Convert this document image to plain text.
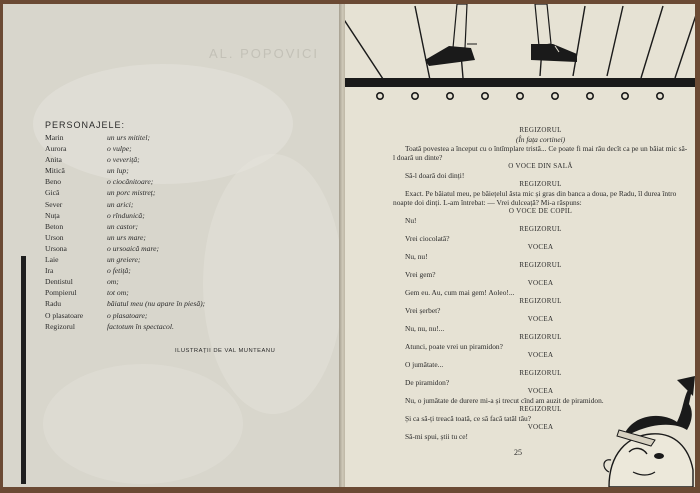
AL. POPOVICI
PERSONAJELE:
Marin	un urs mititel;
Aurora	o vulpe;
Anita	o veveriță;
Mitică	un lup;
Beno	o ciocănitoare;
Gică	un porc mistreț;
Sever	un arici;
Nuța	o rîndunică;
Beton	un castor;
Urson	un urs mare;
Ursona	o ursoaică mare;
Laie	un greiere;
Ira	o fetiță;
Dentistul	om;
Pompierul	tot om;
Radu	băiatul meu (nu apare în piesă);
O plasatoare	o plasatoare;
Regizorul	factotum în spectacol.
ILUSTRAȚII DE VAL MUNTEANU
REGIZORUL
(În fața cortinei)
Toată povestea a început cu o întîmplare tristă... Ce poate fi mai rău decît ca pe un băiat mic să-l doară un dinte?
O VOCE DIN SALĂ
Să-l doară doi dinți!
REGIZORUL
Exact. Pe băiatul meu, pe băiețelul ăsta mic și gras din banca a doua, pe Radu, îl durea întro noapte doi dinți. L-am întrebat: — Vrei dulceață? Mi-a răspuns:
O VOCE DE COPIL
Nu!
REGIZORUL
Vrei ciocolată?
VOCEA
Nu, nu!
REGIZORUL
Vrei gem?
VOCEA
Gem eu. Au, cum mai gem! Aoleo!...
REGIZORUL
Vrei șerbet?
VOCEA
Nu, nu, nu!...
REGIZORUL
Atunci, poate vrei un piramidon?
VOCEA
O jumătate...
REGIZORUL
De piramidon?
VOCEA
Nu, o jumătate de durere mi-a și trecut cînd am auzit de piramidon.
REGIZORUL
Și ca să-ți treacă toată, ce să facă tatăl tău?
VOCEA
Să-mi spui, știi tu ce!
25
